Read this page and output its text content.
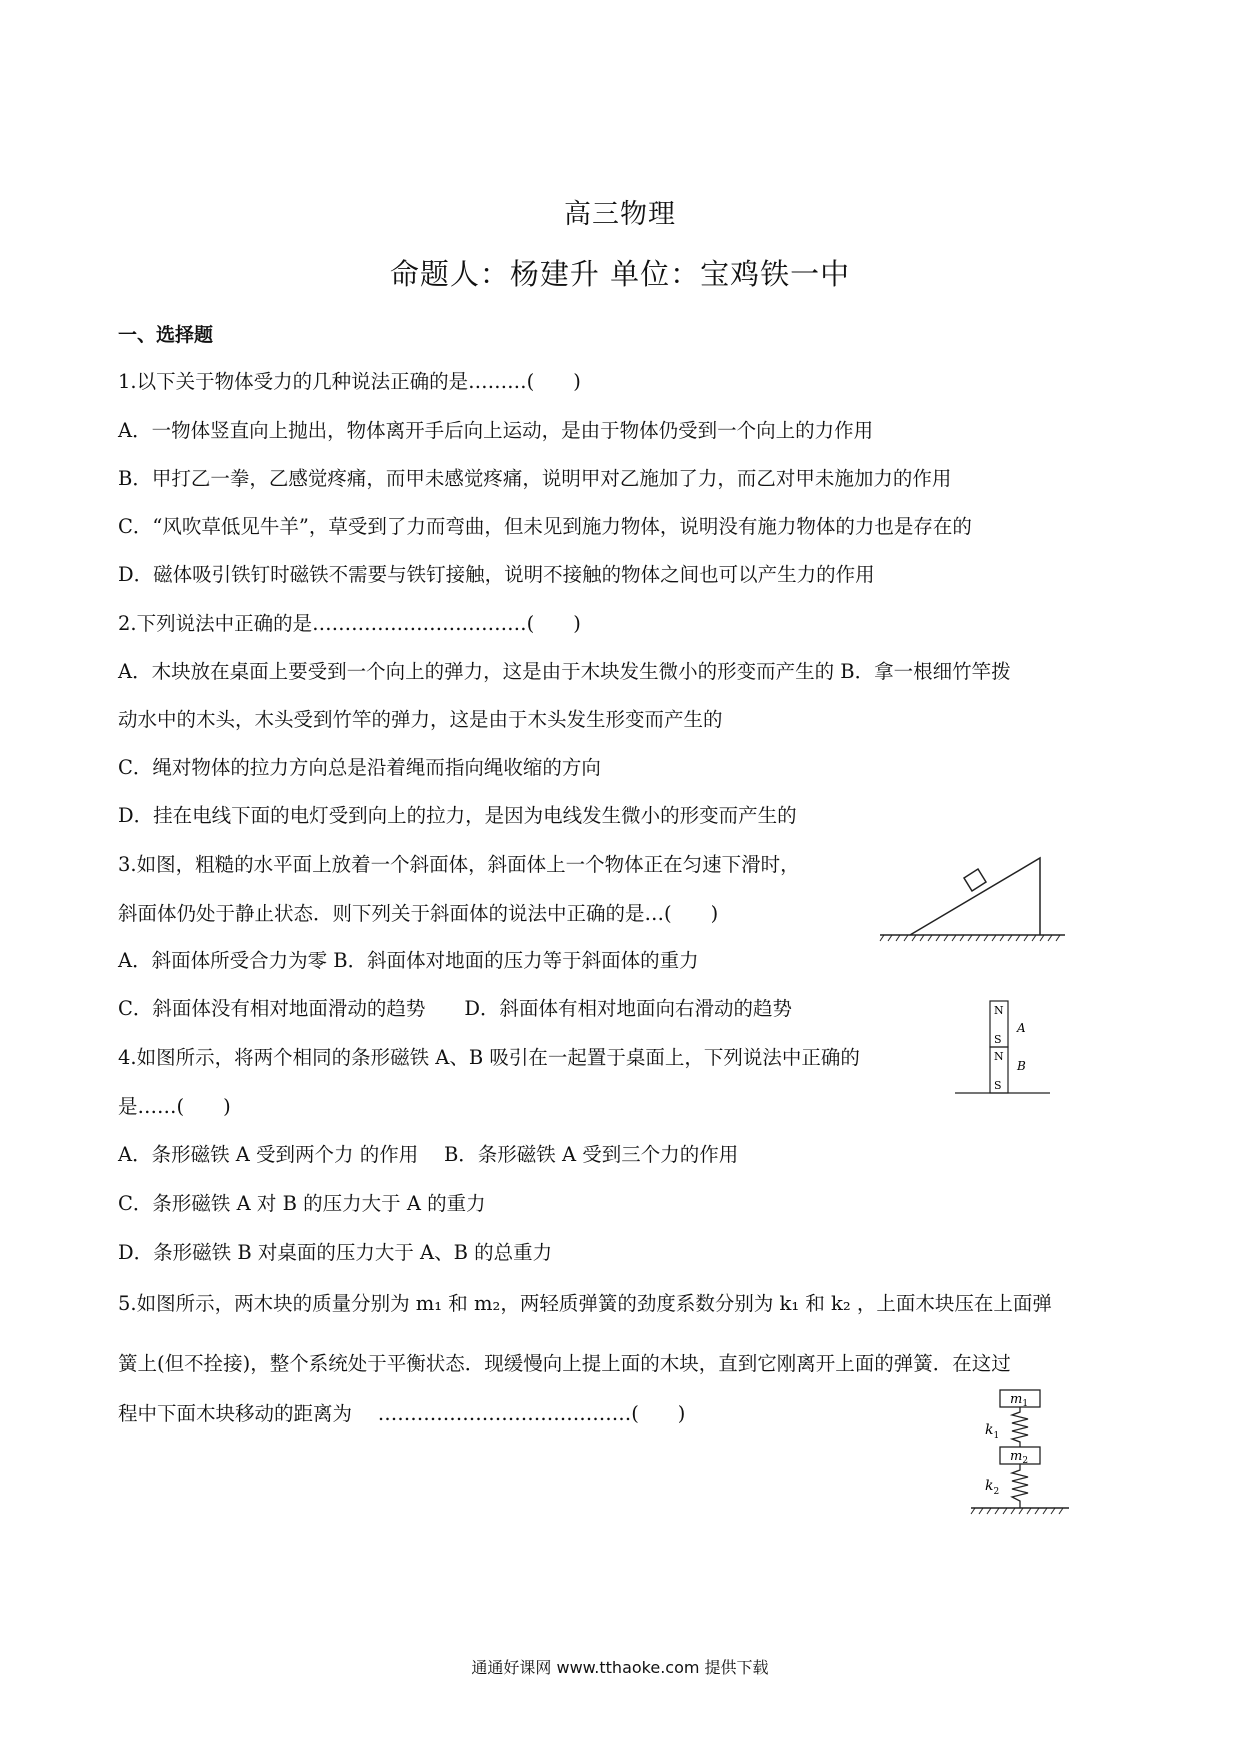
高三物理
命题人：杨建升 单位：宝鸡铁一中
一、选择题
1.以下关于物体受力的几种说法正确的是………(　　)
A．一物体竖直向上抛出，物体离开手后向上运动，是由于物体仍受到一个向上的力作用
B．甲打乙一拳，乙感觉疼痛，而甲未感觉疼痛，说明甲对乙施加了力，而乙对甲未施加力的作用
C．“风吹草低见牛羊”，草受到了力而弯曲，但未见到施力物体，说明没有施力物体的力也是存在的
D．磁体吸引铁钉时磁铁不需要与铁钉接触，说明不接触的物体之间也可以产生力的作用
2.下列说法中正确的是……………………………(　　)
A．木块放在桌面上要受到一个向上的弹力，这是由于木块发生微小的形变而产生的 B．拿一根细竹竿拨
动水中的木头，木头受到竹竿的弹力，这是由于木头发生形变而产生的
C．绳对物体的拉力方向总是沿着绳而指向绳收缩的方向
D．挂在电线下面的电灯受到向上的拉力，是因为电线发生微小的形变而产生的
3.如图，粗糙的水平面上放着一个斜面体，斜面体上一个物体正在匀速下滑时，
斜面体仍处于静止状态．则下列关于斜面体的说法中正确的是…(　　)
A．斜面体所受合力为零 B．斜面体对地面的压力等于斜面体的重力
C．斜面体没有相对地面滑动的趋势　　D．斜面体有相对地面向右滑动的趋势
4.如图所示，将两个相同的条形磁铁 A、B 吸引在一起置于桌面上，下列说法中正确的
是……(　　)
A．条形磁铁 A 受到两个力 的作用　 B．条形磁铁 A 受到三个力的作用
C．条形磁铁 A 对 B 的压力大于 A 的重力
D．条形磁铁 B 对桌面的压力大于 A、B 的总重力
5.如图所示，两木块的质量分别为 m₁ 和 m₂，两轻质弹簧的劲度系数分别为 k₁ 和 k₂ ，上面木块压在上面弹
簧上(但不拴接)，整个系统处于平衡状态．现缓慢向上提上面的木块，直到它刚离开上面的弹簧．在这过
程中下面木块移动的距离为　 …………………………………(　　)
N
S
N
S
A
B
$m_1$
$k_1$
$m_2$
$k_2$
通通好课网 www.tthaoke.com 提供下载
